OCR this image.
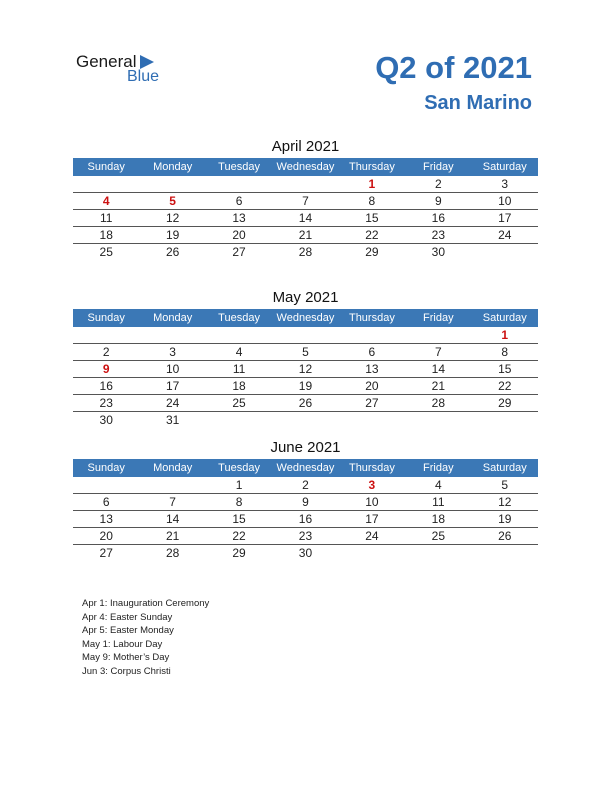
General
Blue	Q2 of 2021
San Marino
April 2021
Sunday	Monday	Tuesday	Wednesday	Thursday	Friday	Saturday
				1	2	3
4	5	6	7	8	9	10
11	12	13	14	15	16	17
18	19	20	21	22	23	24
25	26	27	28	29	30	
May 2021
Sunday	Monday	Tuesday	Wednesday	Thursday	Friday	Saturday
						1
2	3	4	5	6	7	8
9	10	11	12	13	14	15
16	17	18	19	20	21	22
23	24	25	26	27	28	29
30	31					
June 2021
Sunday	Monday	Tuesday	Wednesday	Thursday	Friday	Saturday
		1	2	3	4	5
6	7	8	9	10	11	12
13	14	15	16	17	18	19
20	21	22	23	24	25	26
27	28	29	30			
Apr 1: Inauguration Ceremony
Apr 4: Easter Sunday
Apr 5: Easter Monday
May 1: Labour Day
May 9: Mother’s Day
Jun 3: Corpus Christi
